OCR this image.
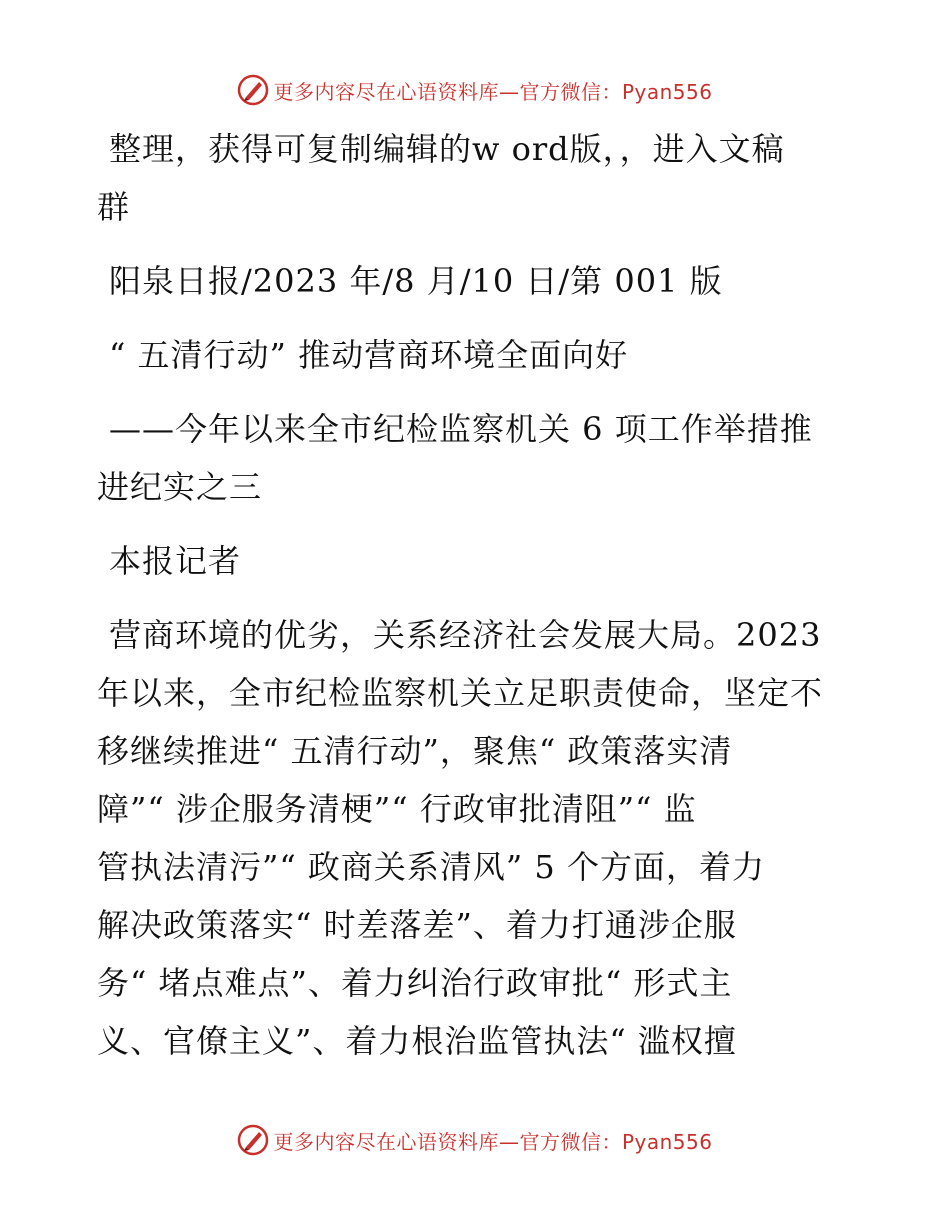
更多内容尽在心语资料库—官方微信：Pyan556
整理，获得可复制编辑的w ord版，，进入文稿
群
阳泉日报/2023 年/8 月/10 日/第 001 版
“ 五清行动” 推动营商环境全面向好
——今年以来全市纪检监察机关 6 项工作举措推
进纪实之三
本报记者
营商环境的优劣，关系经济社会发展大局。2023
年以来，全市纪检监察机关立足职责使命，坚定不
移继续推进“ 五清行动”，聚焦“ 政策落实清
障”“ 涉企服务清梗”“ 行政审批清阻”“ 监
管执法清污”“ 政商关系清风” 5 个方面，着力
解决政策落实“ 时差落差”、着力打通涉企服
务“ 堵点难点”、着力纠治行政审批“ 形式主
义、官僚主义”、着力根治监管执法“ 滥权擅
更多内容尽在心语资料库—官方微信：Pyan556
